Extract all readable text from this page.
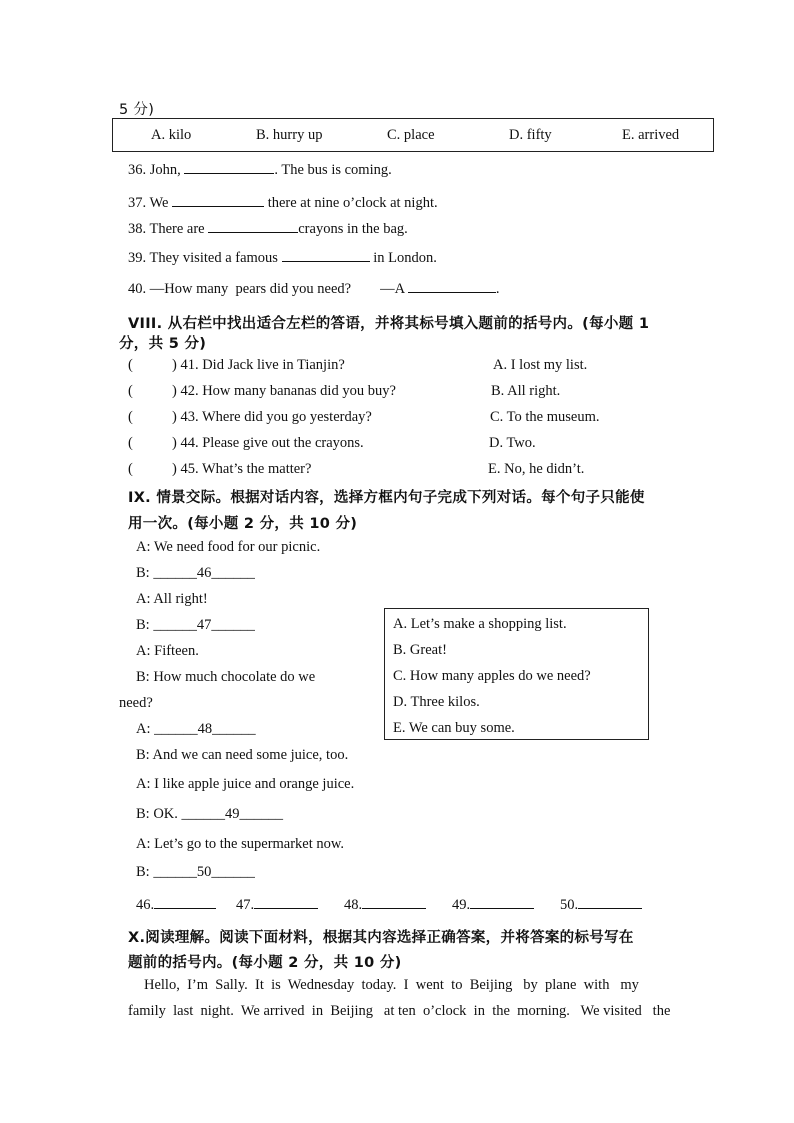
5 分)
A. kilo	B. hurry up	C. place	D. fifty	E. arrived
36. John,	. The bus is coming.
37. We	there at nine o’clock at night.
38. There are	crayons in the bag.
39. They visited a famous	in London.
40. —How many  pears did you need?        —A	.
VIII. 从右栏中找出适合左栏的答语，并将其标号填入题前的括号内。(每小题 1
分，共 5 分)
(	) 41. Did Jack live in Tianjin?	A. I lost my list.
(	) 42. How many bananas did you buy?	B. All right.
(	) 43. Where did you go yesterday?	C. To the museum.
(	) 44. Please give out the crayons.	D. Two.
(	) 45. What’s the matter?	E. No, he didn’t.
IX. 情景交际。根据对话内容，选择方框内句子完成下列对话。每个句子只能使
用一次。(每小题 2 分，共 10 分)
A: We need food for our picnic.
B: ______46______
A: All right!
B: ______47______
A: Fifteen.
B: How much chocolate do we
need?
A: ______48______
B: And we can need some juice, too.
A: I like apple juice and orange juice.
B: OK. ______49______
A: Let’s go to the supermarket now.
B: ______50______
A. Let’s make a shopping list.
B. Great!
C. How many apples do we need?
D. Three kilos.
E. We can buy some.
46.	47.	48.	49.	50.
X.阅读理解。阅读下面材料，根据其内容选择正确答案，并将答案的标号写在
题前的括号内。(每小题 2 分，共 10 分)
Hello,  I’m  Sally.  It  is  Wednesday  today.  I  went  to  Beijing   by  plane  with   my
family  last  night.  We arrived  in  Beijing   at ten  o’clock  in  the  morning.   We visited   the
